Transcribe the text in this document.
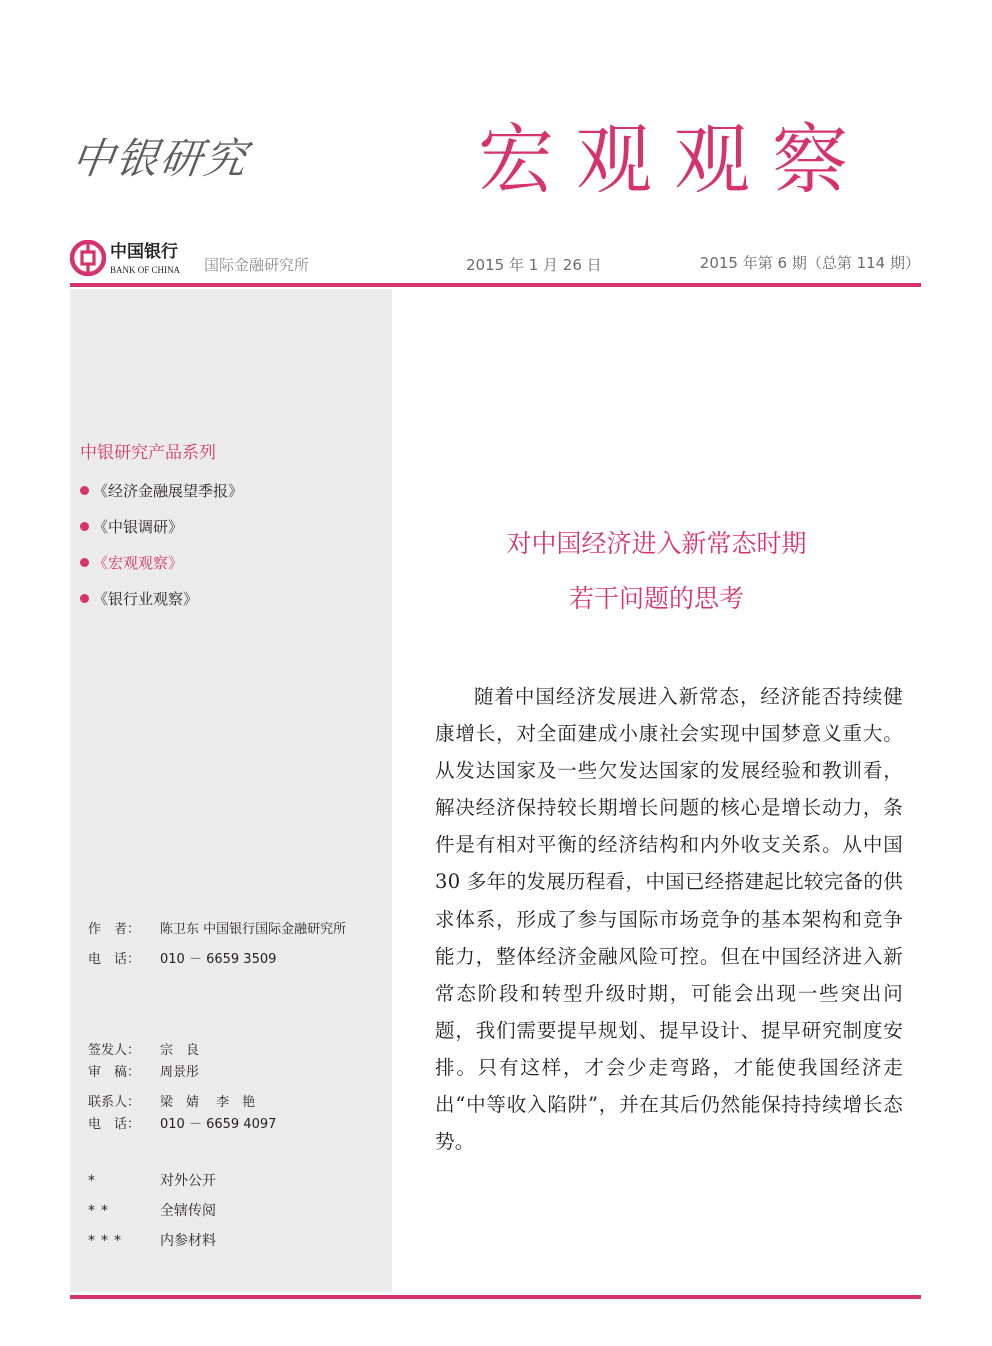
中银研究	宏观观察
中国银行
BANK OF CHINA	国际金融研究所	2015 年 1 月 26 日	2015 年第 6 期（总第 114 期）
中银研究产品系列
《经济金融展望季报》
《中银调研》
《宏观观察》
《银行业观察》
作　者：	陈卫东 中国银行国际金融研究所
电　话：	010 － 6659 3509
签发人：	宗　良
审　稿：	周景彤
联系人：	梁　婧　 李　艳
电　话：	010 － 6659 4097
*	对外公开
**	全辖传阅
***	内参材料
对中国经济进入新常态时期
若干问题的思考

随着中国经济发展进入新常态，经济能否持续健康增长，对全面建成小康社会实现中国梦意义重大。从发达国家及一些欠发达国家的发展经验和教训看，解决经济保持较长期增长问题的核心是增长动力，条件是有相对平衡的经济结构和内外收支关系。从中国 30 多年的发展历程看，中国已经搭建起比较完备的供求体系，形成了参与国际市场竞争的基本架构和竞争能力，整体经济金融风险可控。但在中国经济进入新常态阶段和转型升级时期，可能会出现一些突出问题，我们需要提早规划、提早设计、提早研究制度安排。只有这样，才会少走弯路，才能使我国经济走出“中等收入陷阱”，并在其后仍然能保持持续增长态势。
